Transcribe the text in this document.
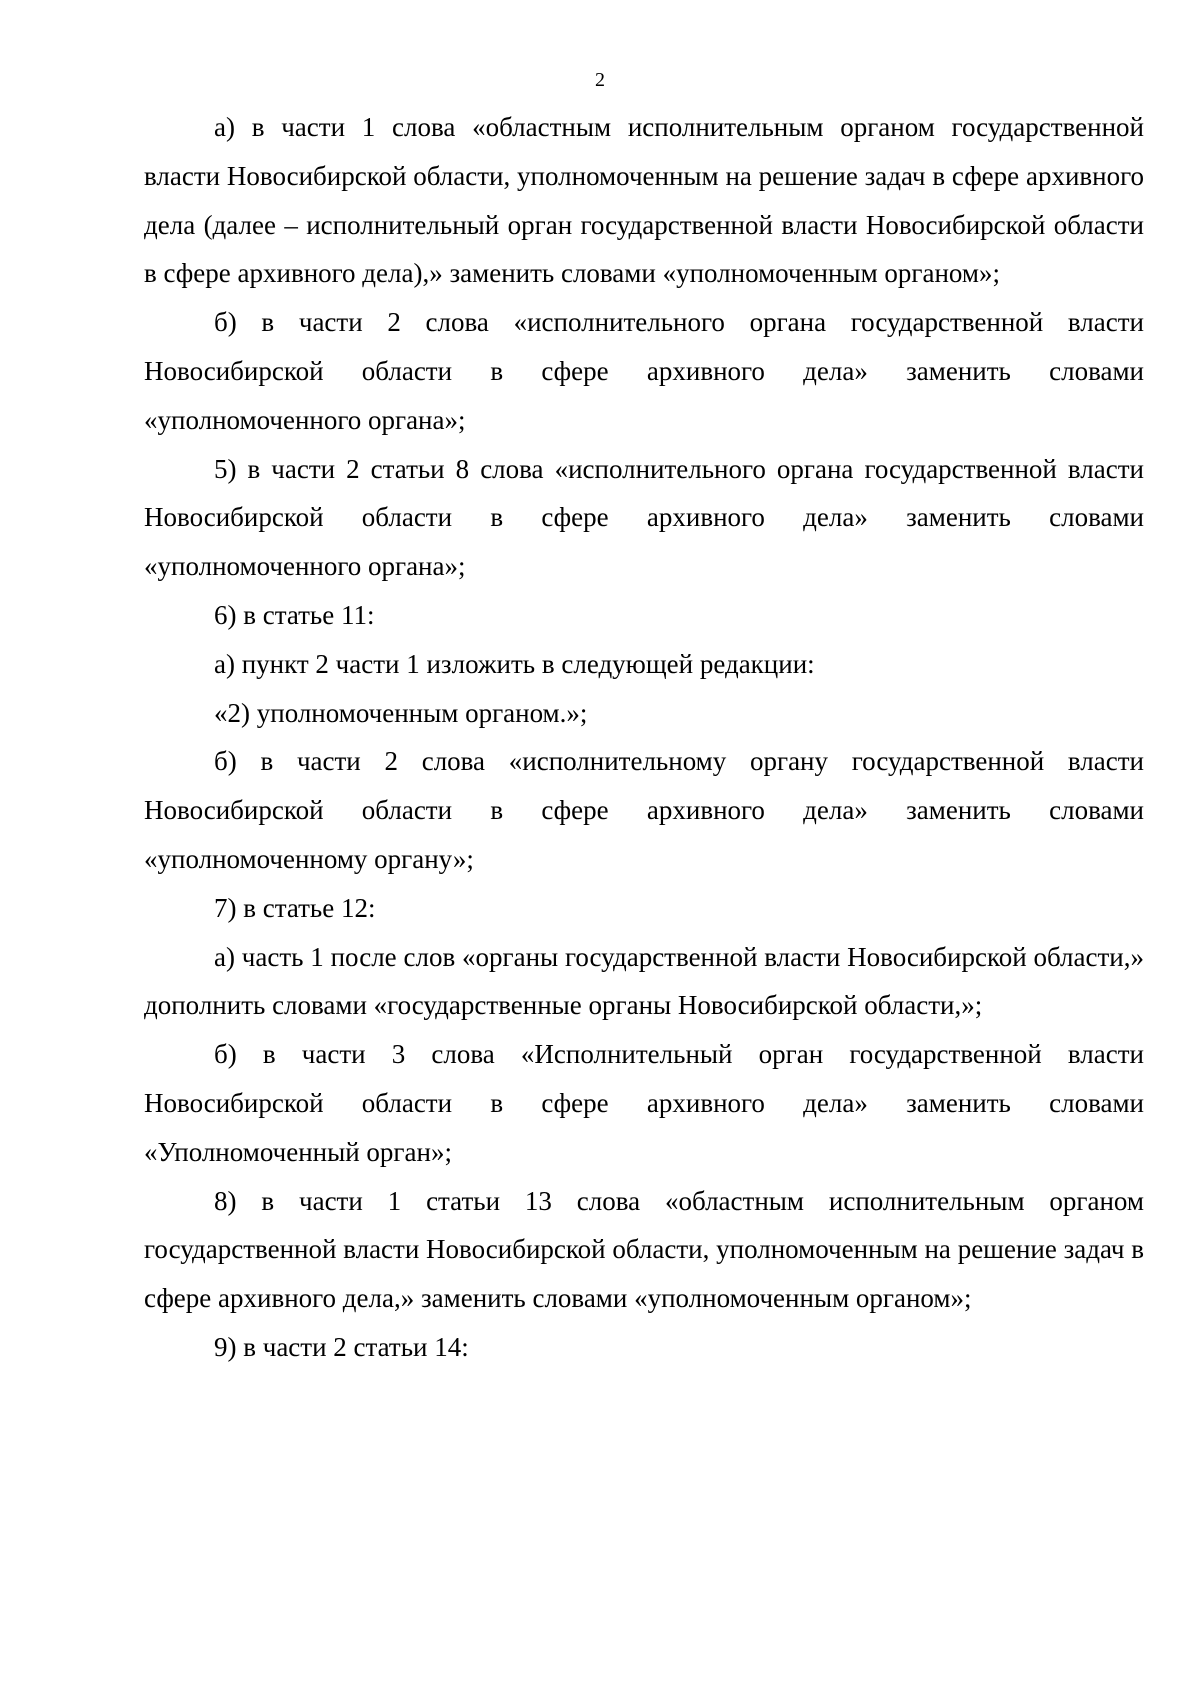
2

а) в части 1 слова «областным исполнительным органом государственной власти Новосибирской области, уполномоченным на решение задач в сфере архивного дела (далее – исполнительный орган государственной власти Новосибирской области в сфере архивного дела),» заменить словами «уполномоченным органом»;

б) в части 2 слова «исполнительного органа государственной власти Новосибирской области в сфере архивного дела» заменить словами «уполномоченного органа»;

5) в части 2 статьи 8 слова «исполнительного органа государственной власти Новосибирской области в сфере архивного дела» заменить словами «уполномоченного органа»;

6) в статье 11:

а) пункт 2 части 1 изложить в следующей редакции:

«2) уполномоченным органом.»;

б) в части 2 слова «исполнительному органу государственной власти Новосибирской области в сфере архивного дела» заменить словами «уполномоченному органу»;

7) в статье 12:

а) часть 1 после слов «органы государственной власти Новосибирской области,» дополнить словами «государственные органы Новосибирской области,»;

б) в части 3 слова «Исполнительный орган государственной власти Новосибирской области в сфере архивного дела» заменить словами «Уполномоченный орган»;

8) в части 1 статьи 13 слова «областным исполнительным органом государственной власти Новосибирской области, уполномоченным на решение задач в сфере архивного дела,» заменить словами «уполномоченным органом»;

9) в части 2 статьи 14:
